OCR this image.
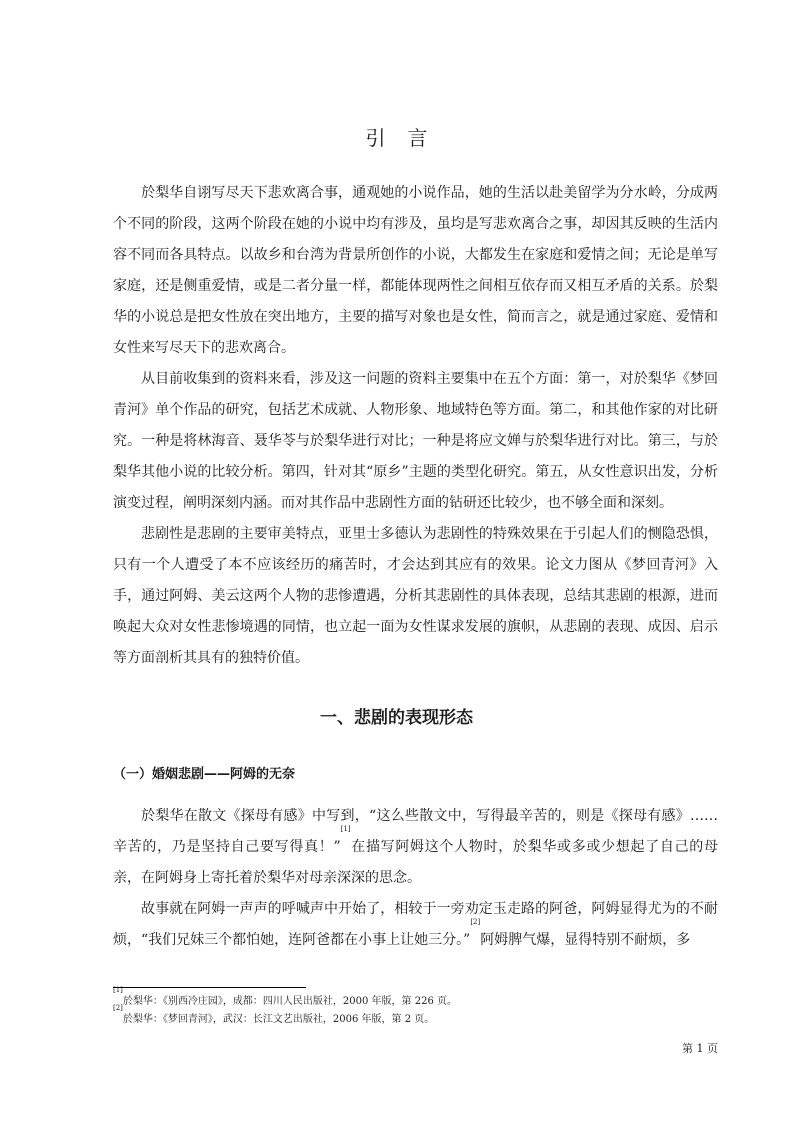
引言

於梨华自诩写尽天下悲欢离合事，通观她的小说作品，她的生活以赴美留学为分水岭，分成两个不同的阶段，这两个阶段在她的小说中均有涉及，虽均是写悲欢离合之事，却因其反映的生活内容不同而各具特点。以故乡和台湾为背景所创作的小说，大都发生在家庭和爱情之间；无论是单写家庭，还是侧重爱情，或是二者分量一样，都能体现两性之间相互依存而又相互矛盾的关系。於梨华的小说总是把女性放在突出地方，主要的描写对象也是女性，简而言之，就是通过家庭、爱情和女性来写尽天下的悲欢离合。

从目前收集到的资料来看，涉及这一问题的资料主要集中在五个方面：第一，对於梨华《梦回青河》单个作品的研究，包括艺术成就、人物形象、地域特色等方面。第二，和其他作家的对比研究。一种是将林海音、聂华苓与於梨华进行对比；一种是将应文婵与於梨华进行对比。第三，与於梨华其他小说的比较分析。第四，针对其“原乡”主题的类型化研究。第五，从女性意识出发，分析演变过程，阐明深刻内涵。而对其作品中悲剧性方面的钻研还比较少，也不够全面和深刻。

悲剧性是悲剧的主要审美特点，亚里士多德认为悲剧性的特殊效果在于引起人们的恻隐恐惧，只有一个人遭受了本不应该经历的痛苦时，才会达到其应有的效果。论文力图从《梦回青河》入手，通过阿姆、美云这两个人物的悲惨遭遇，分析其悲剧性的具体表现，总结其悲剧的根源，进而唤起大众对女性悲惨境遇的同情，也立起一面为女性谋求发展的旗帜，从悲剧的表现、成因、启示等方面剖析其具有的独特价值。

一、悲剧的表现形态
（一）婚姻悲剧——阿姆的无奈

於梨华在散文《探母有感》中写到，“这么些散文中，写得最辛苦的，则是《探母有感》……辛苦的，乃是坚持自己要写得真！”[1]在描写阿姆这个人物时，於梨华或多或少想起了自己的母亲，在阿姆身上寄托着於梨华对母亲深深的思念。

故事就在阿姆一声声的呼喊声中开始了，相较于一旁劝定玉走路的阿爸，阿姆显得尤为的不耐烦，“我们兄妹三个都怕她，连阿爸都在小事上让她三分。”[2]阿姆脾气爆，显得特别不耐烦，多

[1]於梨华：《别西冷庄园》，成都：四川人民出版社，2000 年版，第 226 页。
[2]於梨华：《梦回青河》，武汉：长江文艺出版社，2006 年版，第 2 页。
第 1 页
